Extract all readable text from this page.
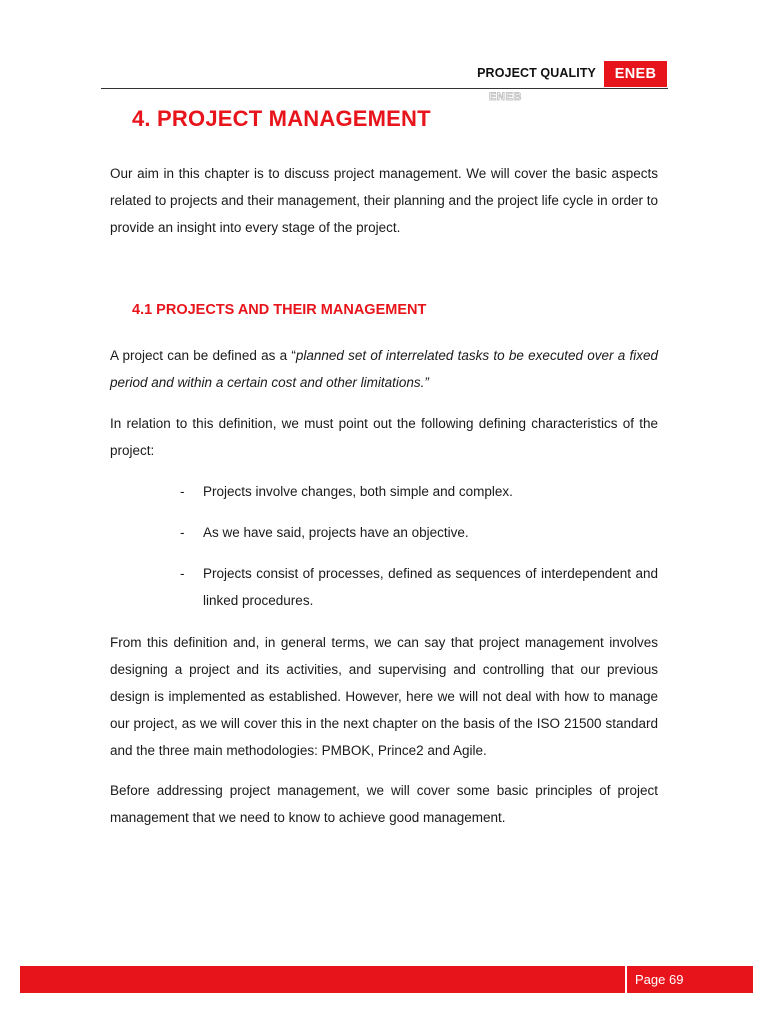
PROJECT QUALITY	ENEB
ENEB
4. PROJECT MANAGEMENT

Our aim in this chapter is to discuss project management. We will cover the basic aspects related to projects and their management, their planning and the project life cycle in order to provide an insight into every stage of the project.

4.1 PROJECTS AND THEIR MANAGEMENT

A project can be defined as a “planned set of interrelated tasks to be executed over a fixed period and within a certain cost and other limitations.”

In relation to this definition, we must point out the following defining characteristics of the project:

- Projects involve changes, both simple and complex.
- As we have said, projects have an objective.
- Projects consist of processes, defined as sequences of interdependent and linked procedures.

From this definition and, in general terms, we can say that project management involves designing a project and its activities, and supervising and controlling that our previous design is implemented as established. However, here we will not deal with how to manage our project, as we will cover this in the next chapter on the basis of the ISO 21500 standard and the three main methodologies: PMBOK, Prince2 and Agile.

Before addressing project management, we will cover some basic principles of project management that we need to know to achieve good management.

Page 69
